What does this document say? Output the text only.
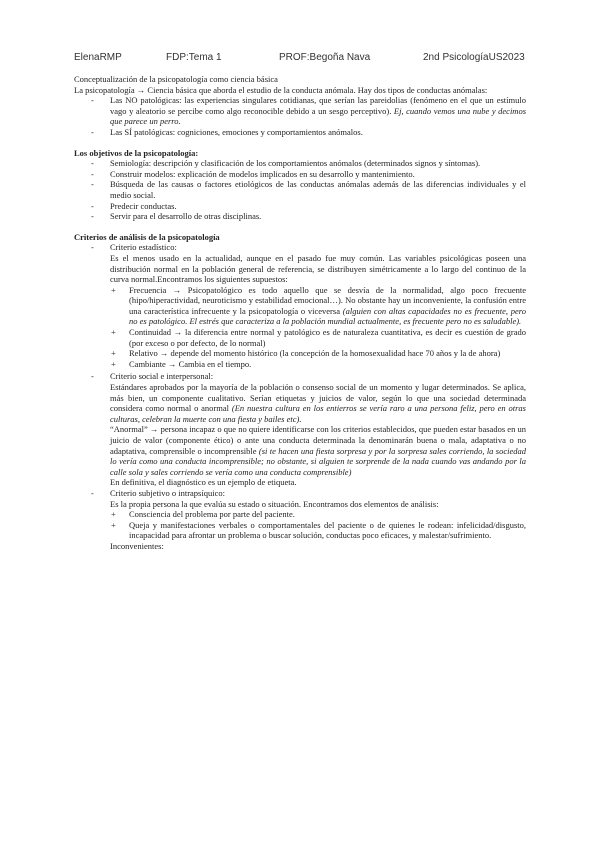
ElenaRMP	FDP:Tema 1	PROF:Begoña Nava	2nd PsicologíaUS2023

Conceptualización de la psicopatología como ciencia básica

La psicopatología → Ciencia básica que aborda el estudio de la conducta anómala. Hay dos tipos de conductas anómalas:

- Las NO patológicas: las experiencias singulares cotidianas, que serían las pareidolias (fenómeno en el que un estímulo vago y aleatorio se percibe como algo reconocible debido a un sesgo perceptivo). Ej, cuando vemos una nube y decimos que parece un perro.

- Las SÍ patológicas: cogniciones, emociones y comportamientos anómalos.

Los objetivos de la psicopatología:

- Semiología: descripción y clasificación de los comportamientos anómalos (determinados signos y síntomas).

- Construir modelos: explicación de modelos implicados en su desarrollo y mantenimiento.

- Búsqueda de las causas o factores etiológicos de las conductas anómalas además de las diferencias individuales y el medio social.

- Predecir conductas.

- Servir para el desarrollo de otras disciplinas.

Criterios de análisis de la psicopatología

- Criterio estadístico:

Es el menos usado en la actualidad, aunque en el pasado fue muy común. Las variables psicológicas poseen una distribución normal en la población general de referencia, se distribuyen simétricamente a lo largo del continuo de la curva normal.Encontramos los siguientes supuestos:

+ Frecuencia → Psicopatológico es todo aquello que se desvía de la normalidad, algo poco frecuente (hipo/hiperactividad, neuroticismo y estabilidad emocional…). No obstante hay un inconveniente, la confusión entre una característica infrecuente y la psicopatología o viceversa (alguien con altas capacidades no es frecuente, pero no es patológico. El estrés que caracteriza a la población mundial actualmente, es frecuente pero no es saludable).

+ Continuidad → la diferencia entre normal y patológico es de naturaleza cuantitativa, es decir es cuestión de grado (por exceso o por defecto, de lo normal)

+ Relativo → depende del momento histórico (la concepción de la homosexualidad hace 70 años y la de ahora)

+ Cambiante → Cambia en el tiempo.

- Criterio social e interpersonal:

Estándares aprobados por la mayoría de la población o consenso social de un momento y lugar determinados. Se aplica, más bien, un componente cualitativo. Serían etiquetas y juicios de valor, según lo que una sociedad determinada considera como normal o anormal (En nuestra cultura en los entierros se vería raro a una persona feliz, pero en otras culturas, celebran la muerte con una fiesta y bailes etc).

“Anormal” → persona incapaz o que no quiere identificarse con los criterios establecidos, que pueden estar basados en un juicio de valor (componente ético) o ante una conducta determinada la denominarán buena o mala, adaptativa o no adaptativa, comprensible o incomprensible (si te hacen una fiesta sorpresa y por la sorpresa sales corriendo, la sociedad lo vería como una conducta incomprensible; no obstante, si alguien te sorprende de la nada cuando vas andando por la calle sola y sales corriendo se vería como una conducta comprensible)

En definitiva, el diagnóstico es un ejemplo de etiqueta.

- Criterio subjetivo o intrapsíquico:

Es la propia persona la que evalúa su estado o situación. Encontramos dos elementos de análisis:

+ Consciencia del problema por parte del paciente.

+ Queja y manifestaciones verbales o comportamentales del paciente o de quienes le rodean: infelicidad/disgusto, incapacidad para afrontar un problema o buscar solución, conductas poco eficaces, y malestar/sufrimiento.

Inconvenientes:
